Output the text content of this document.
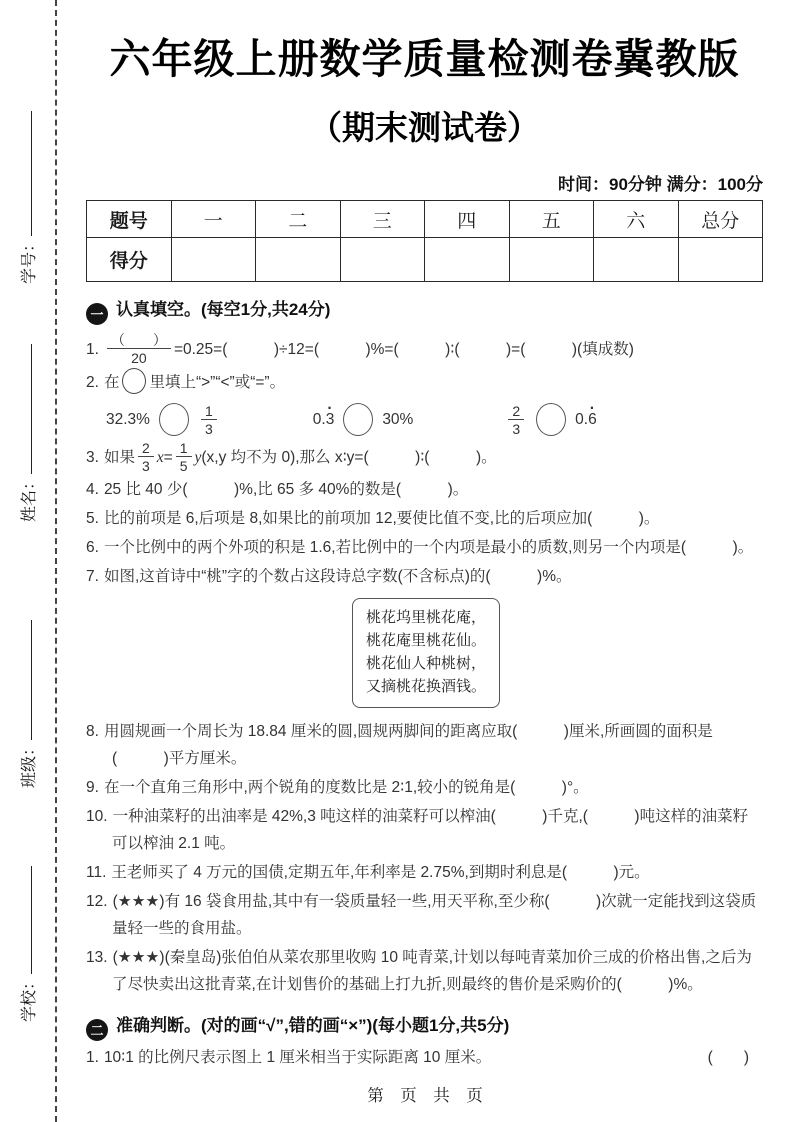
学校：
班级：
姓名：
学号：
六年级上册数学质量检测卷冀教版
（期末测试卷）
时间：90分钟 满分：100分
题号	一	二	三	四	五	六	总分
得分							
一 认真填空。(每空1分,共24分)
1. $\frac{( )}{20} =0.25=$(　　　)÷12=(　　　)%=(　　　)∶(　　　)=(　　　)(填成数)
2. 在 里填上“>”“<”或“=”。
32.3%	$\frac{1}{3}$	0. 3 ·	30%	$\frac{2}{3}$	0. 6 ·
3. 如果 $\frac{2}{3} x= \frac{1}{5} y(x,y$ 均不为 0),那么 x∶y=(　　　)∶(　　　)。
4. 25 比 40 少(　　　)%,比 65 多 40%的数是(　　　)。
5. 比的前项是 6,后项是 8,如果比的前项加 12,要使比值不变,比的后项应加(　　　)。
6. 一个比例中的两个外项的积是 1.6,若比例中的一个内项是最小的质数,则另一个内项是(　　　)。
7. 如图,这首诗中“桃”字的个数占这段诗总字数(不含标点)的(　　　)%。
桃花坞里桃花庵，
桃花庵里桃花仙。
桃花仙人种桃树，
又摘桃花换酒钱。
8. 用圆规画一个周长为 18.84 厘米的圆,圆规两脚间的距离应取(　　　)厘米,所画圆的面积是(　　　)平方厘米。
9. 在一个直角三角形中,两个锐角的度数比是 2∶1,较小的锐角是(　　　)°。
10. 一种油菜籽的出油率是 42%,3 吨这样的油菜籽可以榨油(　　　)千克,(　　　)吨这样的油菜籽可以榨油 2.1 吨。
11. 王老师买了 4 万元的国债,定期五年,年利率是 2.75%,到期时利息是(　　　)元。
12. (★★★)有 16 袋食用盐,其中有一袋质量轻一些,用天平称,至少称(　　　)次就一定能找到这袋质量轻一些的食用盐。
13. (★★★)(秦皇岛)张伯伯从菜农那里收购 10 吨青菜,计划以每吨青菜加价三成的价格出售,之后为了尽快卖出这批青菜,在计划售价的基础上打九折,则最终的售价是采购价的(　　　)%。
二 准确判断。(对的画“√”,错的画“×”)(每小题1分,共5分)
1. 10∶1 的比例尺表示图上 1 厘米相当于实际距离 10 厘米。	(　　)
第　页　共　页
